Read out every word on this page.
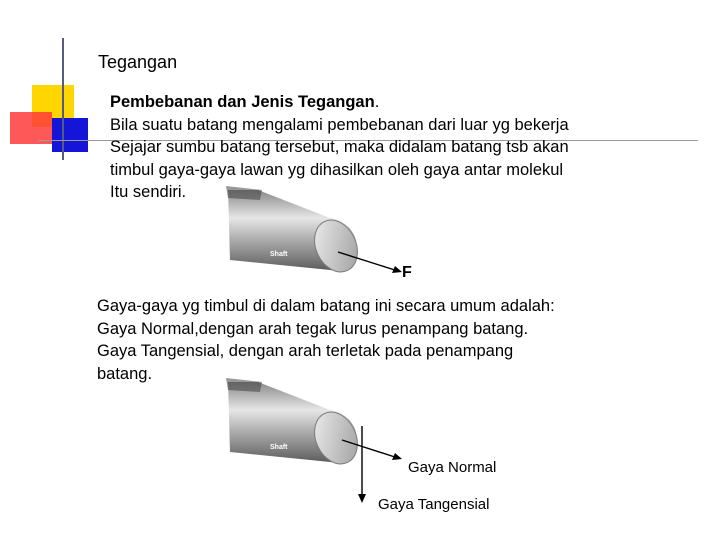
Tegangan
Pembebanan dan Jenis Tegangan.
Bila suatu batang mengalami pembebanan dari luar yg bekerja
Sejajar sumbu batang tersebut, maka didalam batang tsb akan
timbul gaya-gaya lawan yg dihasilkan oleh gaya antar molekul
Itu sendiri.
Shaft
F
Gaya-gaya yg timbul di dalam batang ini secara umum adalah:
Gaya Normal,dengan arah tegak lurus penampang batang.
Gaya Tangensial, dengan arah terletak pada penampang
batang.
Shaft
Gaya Normal
Gaya Tangensial
